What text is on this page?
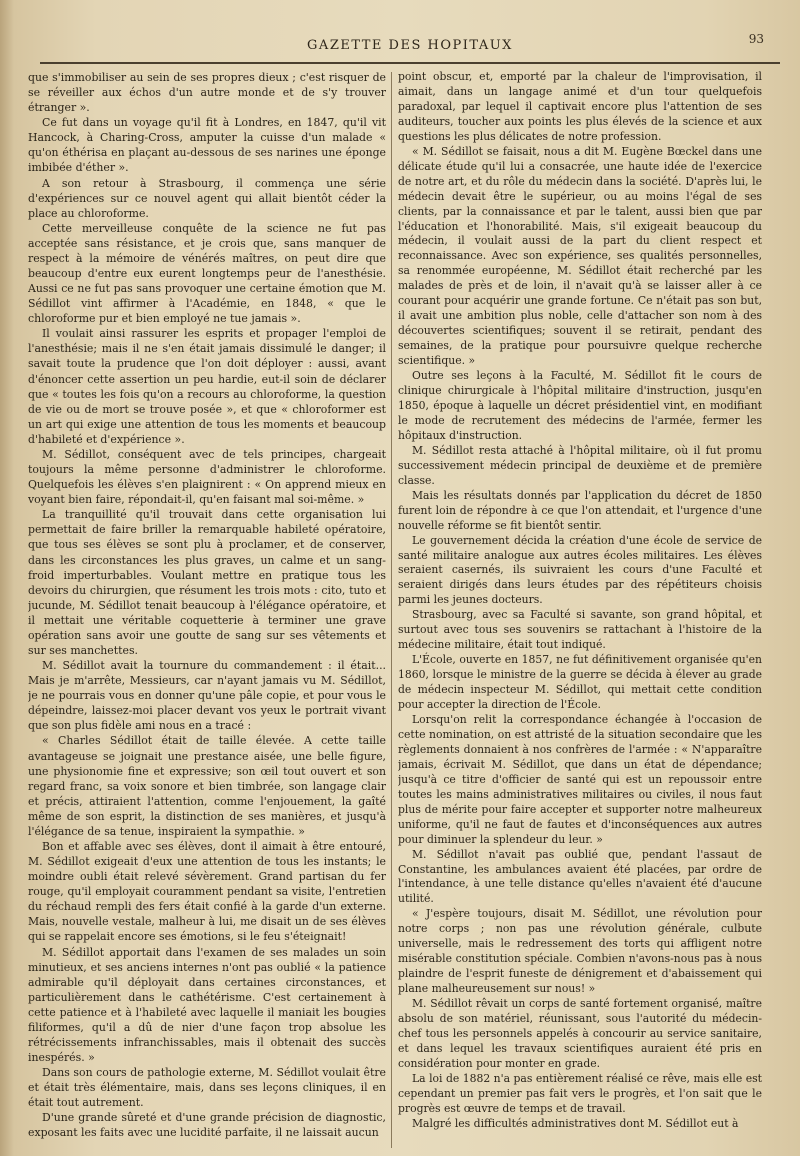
GAZETTE DES HOPITAUX	93

que s'immobiliser au sein de ses propres dieux ; c'est risquer de se réveiller aux échos d'un autre monde et de s'y trouver étranger ».

Ce fut dans un voyage qu'il fit à Londres, en 1847, qu'il vit Hancock, à Charing-Cross, amputer la cuisse d'un malade « qu'on éthérisa en plaçant au-dessous de ses narines une éponge imbibée d'éther ».

A son retour à Strasbourg, il commença une série d'expériences sur ce nouvel agent qui allait bientôt céder la place au chloroforme.

Cette merveilleuse conquête de la science ne fut pas acceptée sans résistance, et je crois que, sans manquer de respect à la mémoire de vénérés maîtres, on peut dire que beaucoup d'entre eux eurent longtemps peur de l'anesthésie. Aussi ce ne fut pas sans provoquer une certaine émotion que M. Sédillot vint affirmer à l'Académie, en 1848, « que le chloroforme pur et bien employé ne tue jamais ».

Il voulait ainsi rassurer les esprits et propager l'emploi de l'anesthésie; mais il ne s'en était jamais dissimulé le danger; il savait toute la prudence que l'on doit déployer : aussi, avant d'énoncer cette assertion un peu hardie, eut-il soin de déclarer que « toutes les fois qu'on a recours au chloroforme, la question de vie ou de mort se trouve posée », et que « chloroformer est un art qui exige une attention de tous les moments et beaucoup d'habileté et d'expérience ».

M. Sédillot, conséquent avec de tels principes, chargeait toujours la même personne d'administrer le chloroforme. Quelquefois les élèves s'en plaignirent : « On apprend mieux en voyant bien faire, répondait-il, qu'en faisant mal soi-même. »

La tranquillité qu'il trouvait dans cette organisation lui permettait de faire briller la remarquable habileté opératoire, que tous ses élèves se sont plu à proclamer, et de conserver, dans les circonstances les plus graves, un calme et un sang-froid imperturbables. Voulant mettre en pratique tous les devoirs du chirurgien, que résument les trois mots : cito, tuto et jucunde, M. Sédillot tenait beaucoup à l'élégance opératoire, et il mettait une véritable coquetterie à terminer une grave opération sans avoir une goutte de sang sur ses vêtements et sur ses manchettes.

M. Sédillot avait la tournure du commandement : il était... Mais je m'arrête, Messieurs, car n'ayant jamais vu M. Sédillot, je ne pourrais vous en donner qu'une pâle copie, et pour vous le dépeindre, laissez-moi placer devant vos yeux le portrait vivant que son plus fidèle ami nous en a tracé :

« Charles Sédillot était de taille élevée. A cette taille avantageuse se joignait une prestance aisée, une belle figure, une physionomie fine et expressive; son œil tout ouvert et son regard franc, sa voix sonore et bien timbrée, son langage clair et précis, attiraient l'attention, comme l'enjouement, la gaîté même de son esprit, la distinction de ses manières, et jusqu'à l'élégance de sa tenue, inspiraient la sympathie. »

Bon et affable avec ses élèves, dont il aimait à être entouré, M. Sédillot exigeait d'eux une attention de tous les instants; le moindre oubli était relevé sévèrement. Grand partisan du fer rouge, qu'il employait couramment pendant sa visite, l'entretien du réchaud rempli des fers était confié à la garde d'un externe. Mais, nouvelle vestale, malheur à lui, me disait un de ses élèves qui se rappelait encore ses émotions, si le feu s'éteignait!

M. Sédillot apportait dans l'examen de ses malades un soin minutieux, et ses anciens internes n'ont pas oublié « la patience admirable qu'il déployait dans certaines circonstances, et particulièrement dans le cathétérisme. C'est certainement à cette patience et à l'habileté avec laquelle il maniait les bougies filiformes, qu'il a dû de nier d'une façon trop absolue les rétrécissements infranchissables, mais il obtenait des succès inespérés. »

Dans son cours de pathologie externe, M. Sédillot voulait être et était très élémentaire, mais, dans ses leçons cliniques, il en était tout autrement.

D'une grande sûreté et d'une grande précision de diagnostic, exposant les faits avec une lucidité parfaite, il ne laissait aucun

point obscur, et, emporté par la chaleur de l'improvisation, il aimait, dans un langage animé et d'un tour quelquefois paradoxal, par lequel il captivait encore plus l'attention de ses auditeurs, toucher aux points les plus élevés de la science et aux questions les plus délicates de notre profession.

« M. Sédillot se faisait, nous a dit M. Eugène Bœckel dans une délicate étude qu'il lui a consacrée, une haute idée de l'exercice de notre art, et du rôle du médecin dans la société. D'après lui, le médecin devait être le supérieur, ou au moins l'égal de ses clients, par la connaissance et par le talent, aussi bien que par l'éducation et l'honorabilité. Mais, s'il exigeait beaucoup du médecin, il voulait aussi de la part du client respect et reconnaissance. Avec son expérience, ses qualités personnelles, sa renommée européenne, M. Sédillot était recherché par les malades de près et de loin, il n'avait qu'à se laisser aller à ce courant pour acquérir une grande fortune. Ce n'était pas son but, il avait une ambition plus noble, celle d'attacher son nom à des découvertes scientifiques; souvent il se retirait, pendant des semaines, de la pratique pour poursuivre quelque recherche scientifique. »

Outre ses leçons à la Faculté, M. Sédillot fit le cours de clinique chirurgicale à l'hôpital militaire d'instruction, jusqu'en 1850, époque à laquelle un décret présidentiel vint, en modifiant le mode de recrutement des médecins de l'armée, fermer les hôpitaux d'instruction.

M. Sédillot resta attaché à l'hôpital militaire, où il fut promu successivement médecin principal de deuxième et de première classe.

Mais les résultats donnés par l'application du décret de 1850 furent loin de répondre à ce que l'on attendait, et l'urgence d'une nouvelle réforme se fit bientôt sentir.

Le gouvernement décida la création d'une école de service de santé militaire analogue aux autres écoles militaires. Les élèves seraient casernés, ils suivraient les cours d'une Faculté et seraient dirigés dans leurs études par des répétiteurs choisis parmi les jeunes docteurs.

Strasbourg, avec sa Faculté si savante, son grand hôpital, et surtout avec tous ses souvenirs se rattachant à l'histoire de la médecine militaire, était tout indiqué.

L'École, ouverte en 1857, ne fut définitivement organisée qu'en 1860, lorsque le ministre de la guerre se décida à élever au grade de médecin inspecteur M. Sédillot, qui mettait cette condition pour accepter la direction de l'École.

Lorsqu'on relit la correspondance échangée à l'occasion de cette nomination, on est attristé de la situation secondaire que les règlements donnaient à nos confrères de l'armée : « N'apparaître jamais, écrivait M. Sédillot, que dans un état de dépendance; jusqu'à ce titre d'officier de santé qui est un repoussoir entre toutes les mains administratives militaires ou civiles, il nous faut plus de mérite pour faire accepter et supporter notre malheureux uniforme, qu'il ne faut de fautes et d'inconséquences aux autres pour diminuer la splendeur du leur. »

M. Sédillot n'avait pas oublié que, pendant l'assaut de Constantine, les ambulances avaient été placées, par ordre de l'intendance, à une telle distance qu'elles n'avaient été d'aucune utilité.

« J'espère toujours, disait M. Sédillot, une révolution pour notre corps ; non pas une révolution générale, culbute universelle, mais le redressement des torts qui affligent notre misérable constitution spéciale. Combien n'avons-nous pas à nous plaindre de l'esprit funeste de dénigrement et d'abaissement qui plane malheureusement sur nous! »

M. Sédillot rêvait un corps de santé fortement organisé, maître absolu de son matériel, réunissant, sous l'autorité du médecin-chef tous les personnels appelés à concourir au service sanitaire, et dans lequel les travaux scientifiques auraient été pris en considération pour monter en grade.

La loi de 1882 n'a pas entièrement réalisé ce rêve, mais elle est cependant un premier pas fait vers le progrès, et l'on sait que le progrès est œuvre de temps et de travail.

Malgré les difficultés administratives dont M. Sédillot eut à
